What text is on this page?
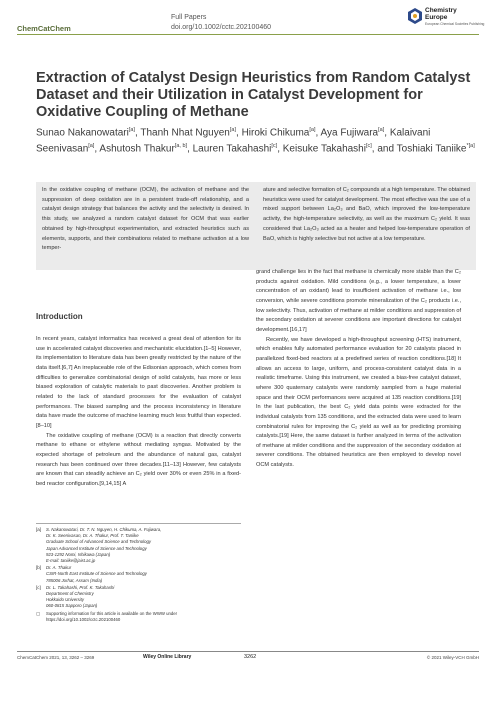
ChemCatChem
Full Papers
doi.org/10.1002/cctc.202100460
Chemistry
Europe
European Chemical Societies Publishing
Extraction of Catalyst Design Heuristics from Random Catalyst Dataset and their Utilization in Catalyst Development for Oxidative Coupling of Methane
Sunao Nakanowatari[a], Thanh Nhat Nguyen[a], Hiroki Chikuma[a], Aya Fujiwara[a], Kalaivani Seenivasan[a], Ashutosh Thakur[a, b], Lauren Takahashi[c], Keisuke Takahashi[c], and Toshiaki Taniike$^{*[a]}$

In the oxidative coupling of methane (OCM), the activation of methane and the suppression of deep oxidation are in a persistent trade-off relationship, and a catalyst design strategy that balances the activity and the selectivity is desired. In this study, we analyzed a random catalyst dataset for OCM that was earlier obtained by high-throughput experimentation, and extracted heuristics such as elements, supports, and their combinations related to methane activation at a low temper-

ature and selective formation of C₂ compounds at a high temperature. The obtained heuristics were used for catalyst development. The most effective was the use of a mixed support between La₂O₃ and BaO, which improved the low-temperature activity, the high-temperature selectivity, as well as the maximum C₂ yield. It was considered that La₂O₃ acted as a heater and helped low-temperature operation of BaO, which is highly selective but not active at a low temperature.

Introduction

In recent years, catalyst informatics has received a great deal of attention for its use in accelerated catalyst discoveries and mechanistic elucidation.[1–5] However, its implementation to literature data has been greatly restricted by the nature of the data itself.[6,7] An irreplaceable role of the Edisonian approach, which comes from difficulties to generalize combinatorial design of solid catalysts, has more or less biased exploration of catalytic materials to past discoveries. Another problem is related to the lack of standard processes for the evaluation of catalyst performances. The biased sampling and the process inconsistency in literature data have made the outcome of machine learning much less fruitful than expected.[8–10]

The oxidative coupling of methane (OCM) is a reaction that directly converts methane to ethane or ethylene without mediating syngas. Motivated by the expected shortage of petroleum and the abundance of natural gas, catalyst research has been continued over three decades.[11–13] However, few catalysts are known that can steadily achieve an C₂ yield over 30% or even 25% in a fixed-bed reactor configuration.[9,14,15] A

grand challenge lies in the fact that methane is chemically more stable than the C₂ products against oxidation. Mild conditions (e.g., a lower temperature, a lower concentration of an oxidant) lead to insufficient activation of methane i.e., low conversion, while severe conditions promote mineralization of the C₂ products i.e., low selectivity. Thus, activation of methane at milder conditions and suppression of the secondary oxidation at severer conditions are important directions for catalyst development.[16,17]

Recently, we have developed a high-throughput screening (HTS) instrument, which enables fully automated performance evaluation for 20 catalysts placed in parallelized fixed-bed reactors at a predefined series of reaction conditions.[18] It allows an access to large, uniform, and process-consistent catalyst data in a realistic timeframe. Using this instrument, we created a bias-free catalyst dataset, where 300 quaternary catalysts were randomly sampled from a huge material space and their OCM performances were acquired at 135 reaction conditions.[19] In the last publication, the best C₂ yield data points were extracted for the individual catalysts from 135 conditions, and the extracted data were used to learn combinatorial rules for improving the C₂ yield as well as for predicting promising catalysts.[19] Here, the same dataset is further analyzed in terms of the activation of methane at milder conditions and the suppression of the secondary oxidation at severer conditions. The obtained heuristics are then employed to develop novel OCM catalysts.

[a]	S. Nakanowatari, Dr. T. N. Nguyen, H. Chikuma, A. Fujiwara,
Dr. K. Seenivasan, Dr. A. Thakur, Prof. T. Taniike
Graduate School of Advanced Science and Technology
Japan Advanced Institute of Science and Technology
923-1292 Nomi, Ishikawa (Japan)
E-mail: taniike@jaist.ac.jp
[b]	Dr. A. Thakur
CSIR-North East Institute of Science and Technology
785006 Jorhat, Assam (India)
[c]	Dr. L. Takahashi, Prof. K. Takahashi
Department of Chemistry
Hokkaido University
060-0815 Sapporo (Japan)
▢	Supporting information for this article is available on the WWW under https://doi.org/10.1002/cctc.202100460
ChemCatChem 2021, 13, 3262 – 3269	Wiley Online Library	3262	© 2021 Wiley-VCH GmbH
